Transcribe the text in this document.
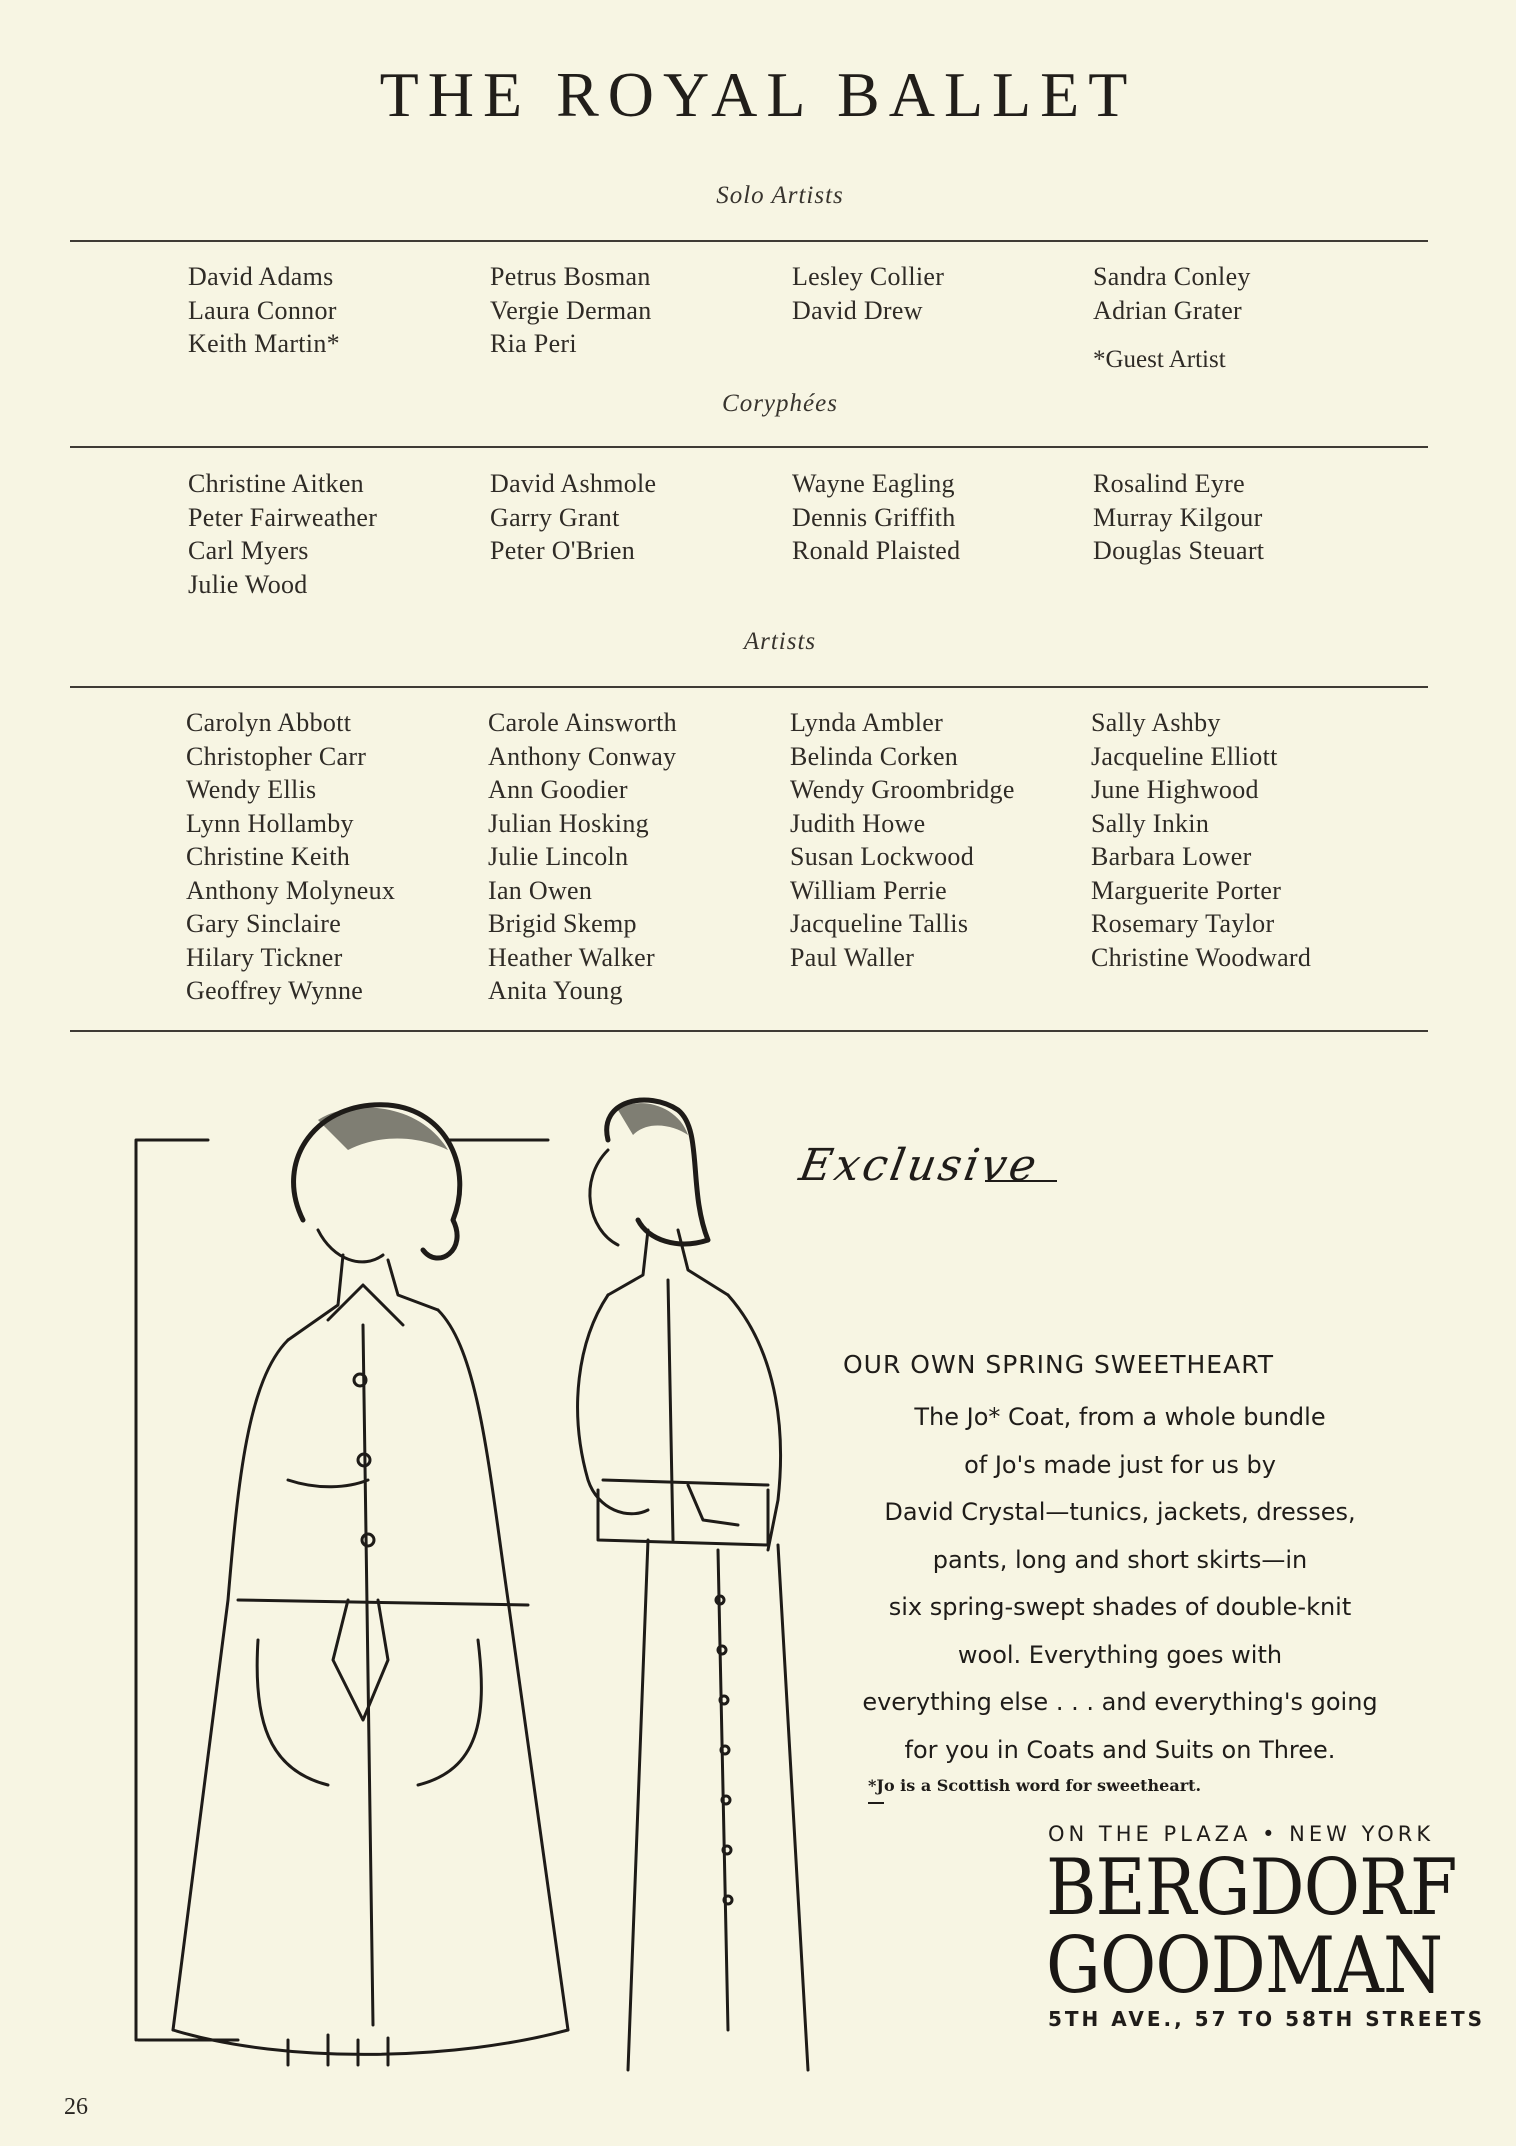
THE ROYAL BALLET
Solo Artists
David Adams
Laura Connor
Keith Martin*
Petrus Bosman
Vergie Derman
Ria Peri
Lesley Collier
David Drew
Sandra Conley
Adrian Grater
*Guest Artist
Coryphées
Christine Aitken
Peter Fairweather
Carl Myers
Julie Wood
David Ashmole
Garry Grant
Peter O'Brien
Wayne Eagling
Dennis Griffith
Ronald Plaisted
Rosalind Eyre
Murray Kilgour
Douglas Steuart
Artists
Carolyn Abbott
Christopher Carr
Wendy Ellis
Lynn Hollamby
Christine Keith
Anthony Molyneux
Gary Sinclaire
Hilary Tickner
Geoffrey Wynne
Carole Ainsworth
Anthony Conway
Ann Goodier
Julian Hosking
Julie Lincoln
Ian Owen
Brigid Skemp
Heather Walker
Anita Young
Lynda Ambler
Belinda Corken
Wendy Groombridge
Judith Howe
Susan Lockwood
William Perrie
Jacqueline Tallis
Paul Waller
Sally Ashby
Jacqueline Elliott
June Highwood
Sally Inkin
Barbara Lower
Marguerite Porter
Rosemary Taylor
Christine Woodward
Exclusive
OUR OWN SPRING SWEETHEART
The Jo* Coat, from a whole bundle
of Jo's made just for us by
David Crystal—tunics, jackets, dresses,
pants, long and short skirts—in
six spring-swept shades of double-knit
wool. Everything goes with
everything else . . . and everything's going
for you in Coats and Suits on Three.
*Jo is a Scottish word for sweetheart.
ON THE PLAZA • NEW YORK
BERGDORF
GOODMAN
5TH AVE., 57 TO 58TH STREETS
26
